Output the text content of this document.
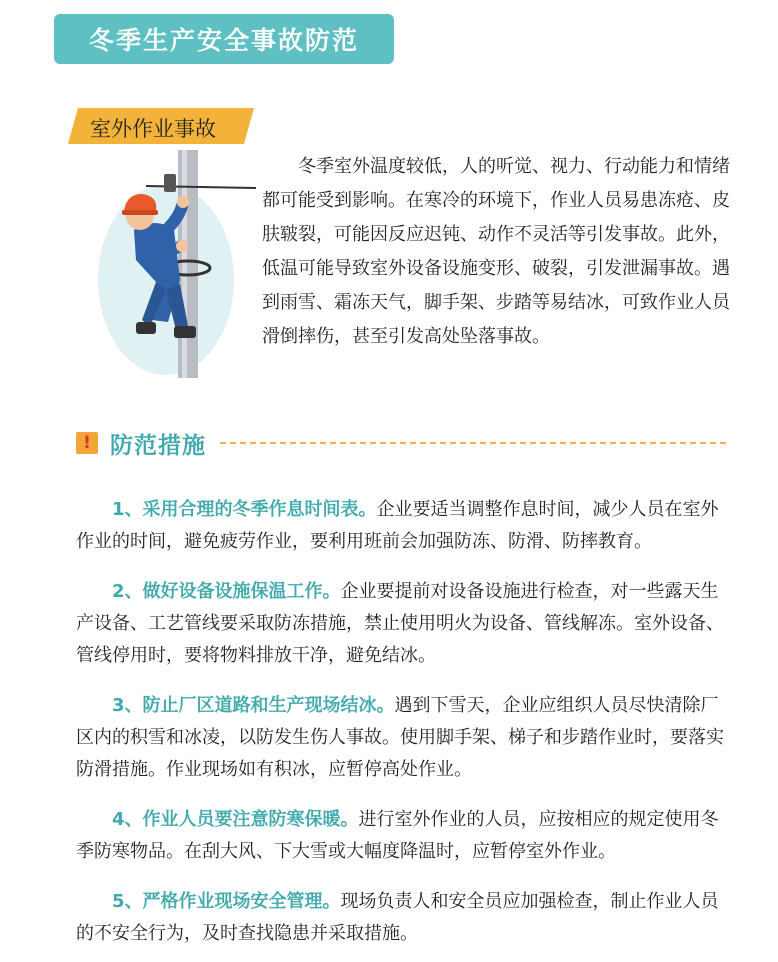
冬季生产安全事故防范
室外作业事故
冬季室外温度较低，人的听觉、视力、行动能力和情绪都可能受到影响。在寒冷的环境下，作业人员易患冻疮、皮肤皲裂，可能因反应迟钝、动作不灵活等引发事故。此外，低温可能导致室外设备设施变形、破裂，引发泄漏事故。遇到雨雪、霜冻天气，脚手架、步踏等易结冰，可致作业人员滑倒摔伤，甚至引发高处坠落事故。
! 防范措施

1、采用合理的冬季作息时间表。企业要适当调整作息时间，减少人员在室外作业的时间，避免疲劳作业，要利用班前会加强防冻、防滑、防摔教育。

2、做好设备设施保温工作。企业要提前对设备设施进行检查，对一些露天生产设备、工艺管线要采取防冻措施，禁止使用明火为设备、管线解冻。室外设备、管线停用时，要将物料排放干净，避免结冰。

3、防止厂区道路和生产现场结冰。遇到下雪天，企业应组织人员尽快清除厂区内的积雪和冰凌，以防发生伤人事故。使用脚手架、梯子和步踏作业时，要落实防滑措施。作业现场如有积冰，应暂停高处作业。

4、作业人员要注意防寒保暖。进行室外作业的人员，应按相应的规定使用冬季防寒物品。在刮大风、下大雪或大幅度降温时，应暂停室外作业。

5、严格作业现场安全管理。现场负责人和安全员应加强检查，制止作业人员的不安全行为，及时查找隐患并采取措施。
